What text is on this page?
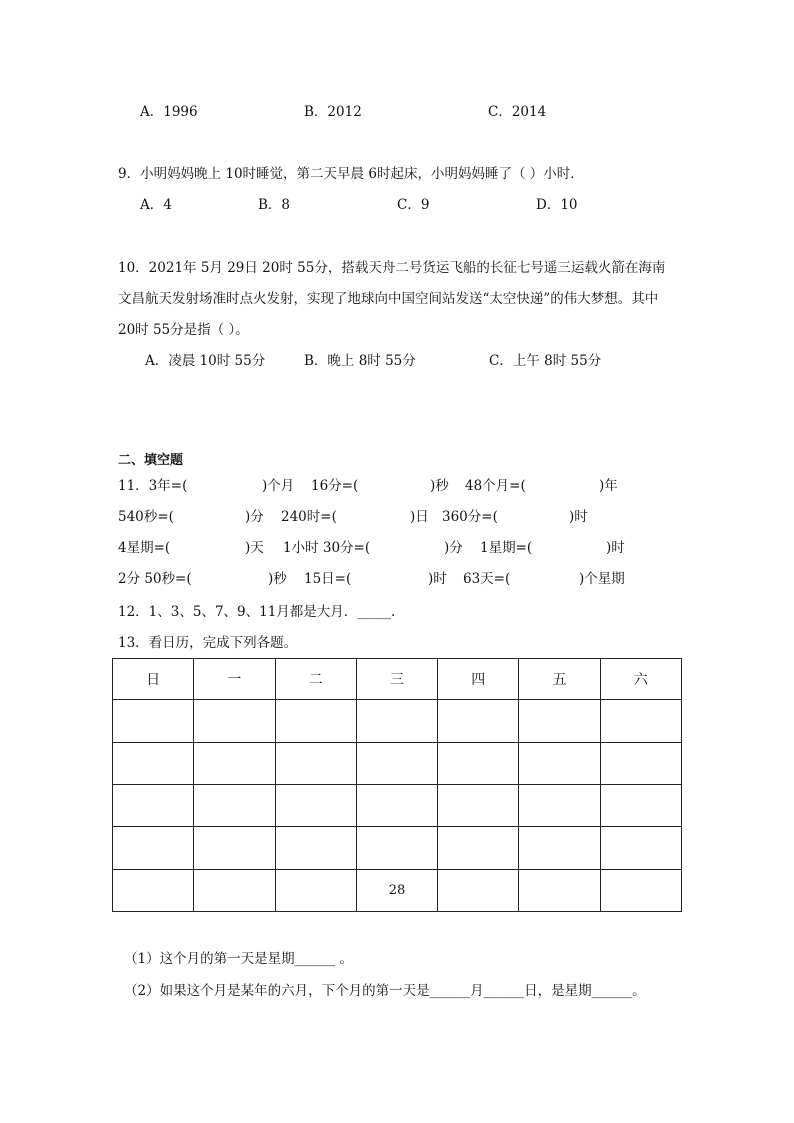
A．1996	B．2012	C．2014
9．小明妈妈晚上 10时睡觉，第二天早晨 6时起床，小明妈妈睡了（ ）小时．
A．4	B．8	C．9	D．10
10．2021年 5月 29日 20时 55分，搭载天舟二号货运飞船的长征七号遥三运载火箭在海南
文昌航天发射场准时点火发射，实现了地球向中国空间站发送“太空快递”的伟大梦想。其中
20时 55分是指（ ）。
A．凌晨 10时 55分	B．晚上 8时 55分	C．上午 8时 55分
二、填空题
11．3年=(	)个月 16分=(	)秒 48个月=(	)年
540秒=(	)分 240时=(	)日 360分=(	)时
4星期=(	)天 1小时 30分=(	)分 1星期=(	)时
2分 50秒=(	)秒 15日=(	)时 63天=(	)个星期
12．1、3、5、7、9、11月都是大月．_____.
13．看日历，完成下列各题。
日	一	二	三	四	五	六

			28			
（1）这个月的第一天是星期______ 。
（2）如果这个月是某年的六月，下个月的第一天是______月______日，是星期______。
